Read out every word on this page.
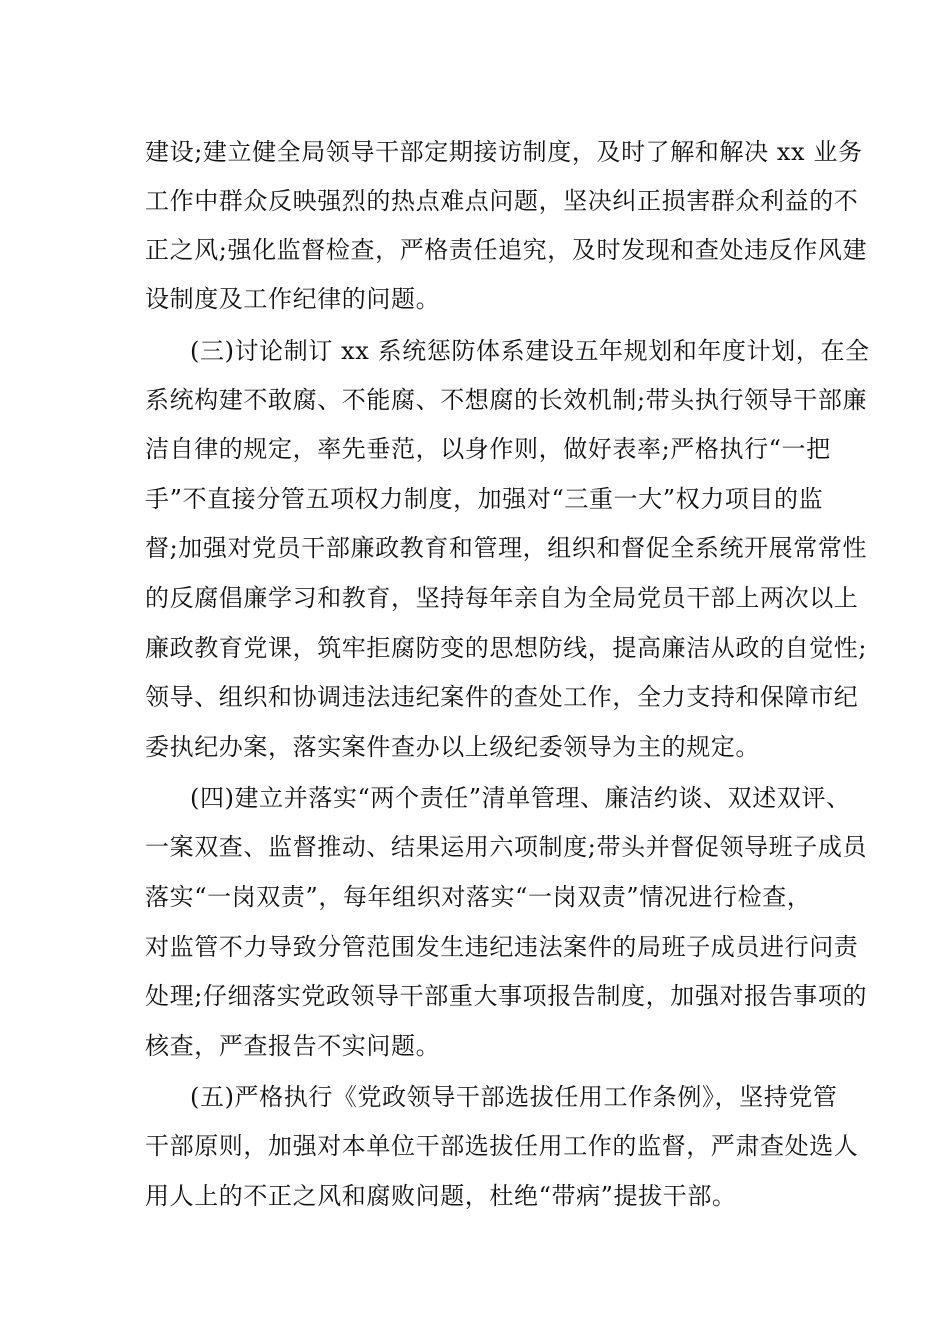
建设;建立健全局领导干部定期接访制度，及时了解和解决 xx 业务
工作中群众反映强烈的热点难点问题，坚决纠正损害群众利益的不
正之风;强化监督检查，严格责任追究，及时发现和查处违反作风建
设制度及工作纪律的问题。
(三)讨论制订 xx 系统惩防体系建设五年规划和年度计划，在全
系统构建不敢腐、不能腐、不想腐的长效机制;带头执行领导干部廉
洁自律的规定，率先垂范，以身作则，做好表率;严格执行“一把
手”不直接分管五项权力制度，加强对“三重一大”权力项目的监
督;加强对党员干部廉政教育和管理，组织和督促全系统开展常常性
的反腐倡廉学习和教育，坚持每年亲自为全局党员干部上两次以上
廉政教育党课，筑牢拒腐防变的思想防线，提高廉洁从政的自觉性;
领导、组织和协调违法违纪案件的查处工作，全力支持和保障市纪
委执纪办案，落实案件查办以上级纪委领导为主的规定。
(四)建立并落实“两个责任”清单管理、廉洁约谈、双述双评、
一案双查、监督推动、结果运用六项制度;带头并督促领导班子成员
落实“一岗双责”，每年组织对落实“一岗双责”情况进行检查，
对监管不力导致分管范围发生违纪违法案件的局班子成员进行问责
处理;仔细落实党政领导干部重大事项报告制度，加强对报告事项的
核查，严查报告不实问题。
(五)严格执行《党政领导干部选拔任用工作条例》，坚持党管
干部原则，加强对本单位干部选拔任用工作的监督，严肃查处选人
用人上的不正之风和腐败问题，杜绝“带病”提拔干部。
